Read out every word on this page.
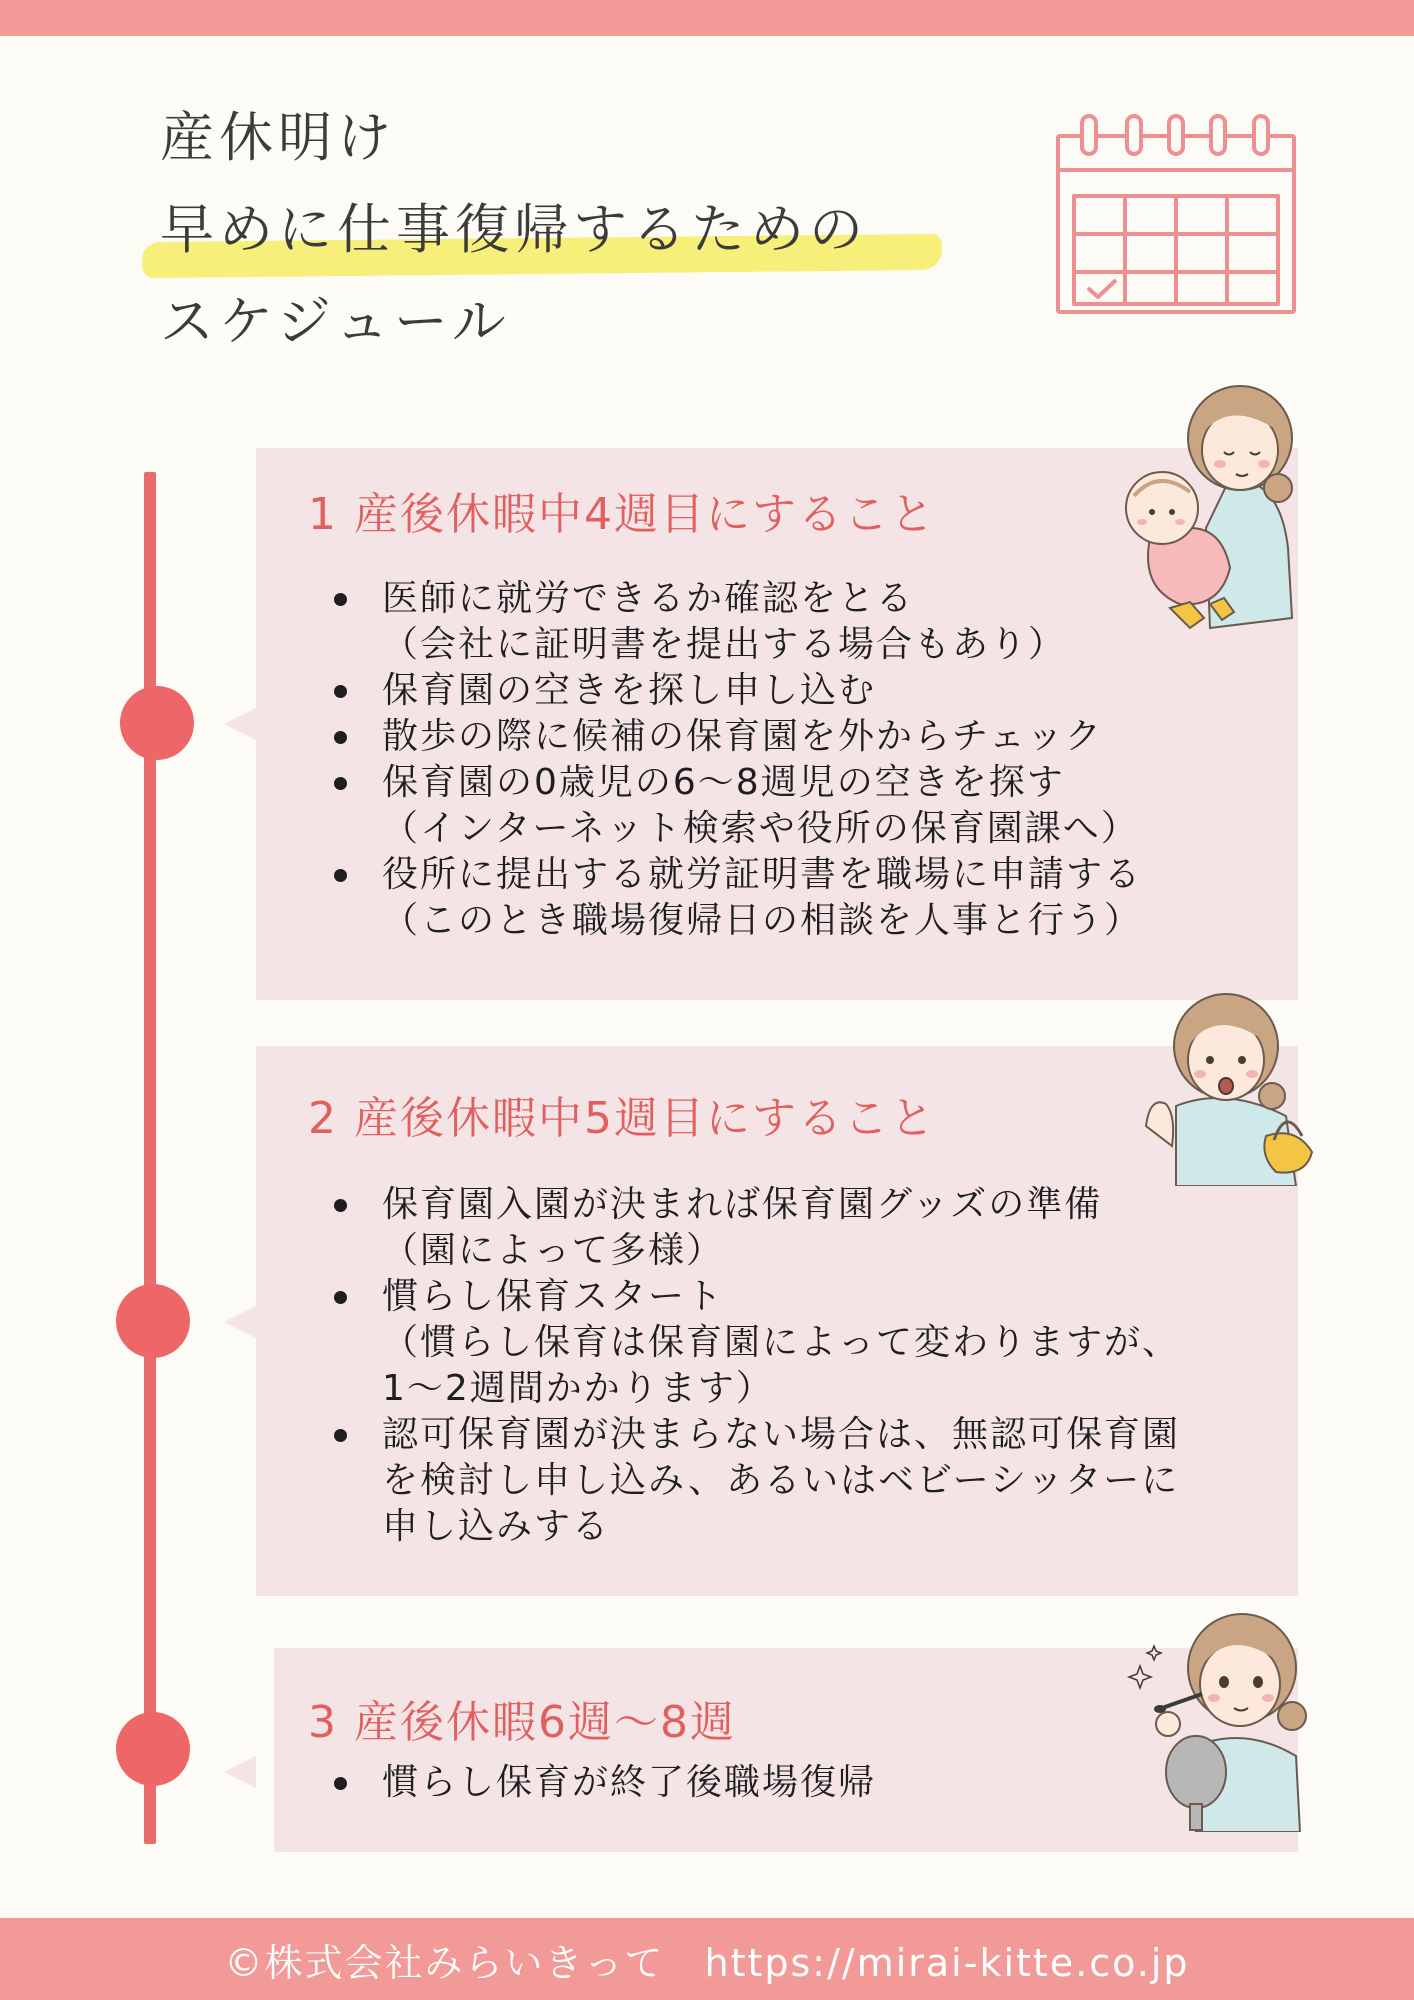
産休明け
早めに仕事復帰するための
スケジュール
1 産後休暇中4週目にすること
医師に就労できるか確認をとる
（会社に証明書を提出する場合もあり）
保育園の空きを探し申し込む
散歩の際に候補の保育園を外からチェック
保育園の0歳児の6～8週児の空きを探す
（インターネット検索や役所の保育園課へ）
役所に提出する就労証明書を職場に申請する
（このとき職場復帰日の相談を人事と行う）
2 産後休暇中5週目にすること
保育園入園が決まれば保育園グッズの準備
（園によって多様）
慣らし保育スタート
（慣らし保育は保育園によって変わりますが、
1～2週間かかります）
認可保育園が決まらない場合は、無認可保育園
を検討し申し込み、あるいはベビーシッターに
申し込みする
3 産後休暇6週～8週
慣らし保育が終了後職場復帰
©株式会社みらいきって　https://mirai-kitte.co.jp
